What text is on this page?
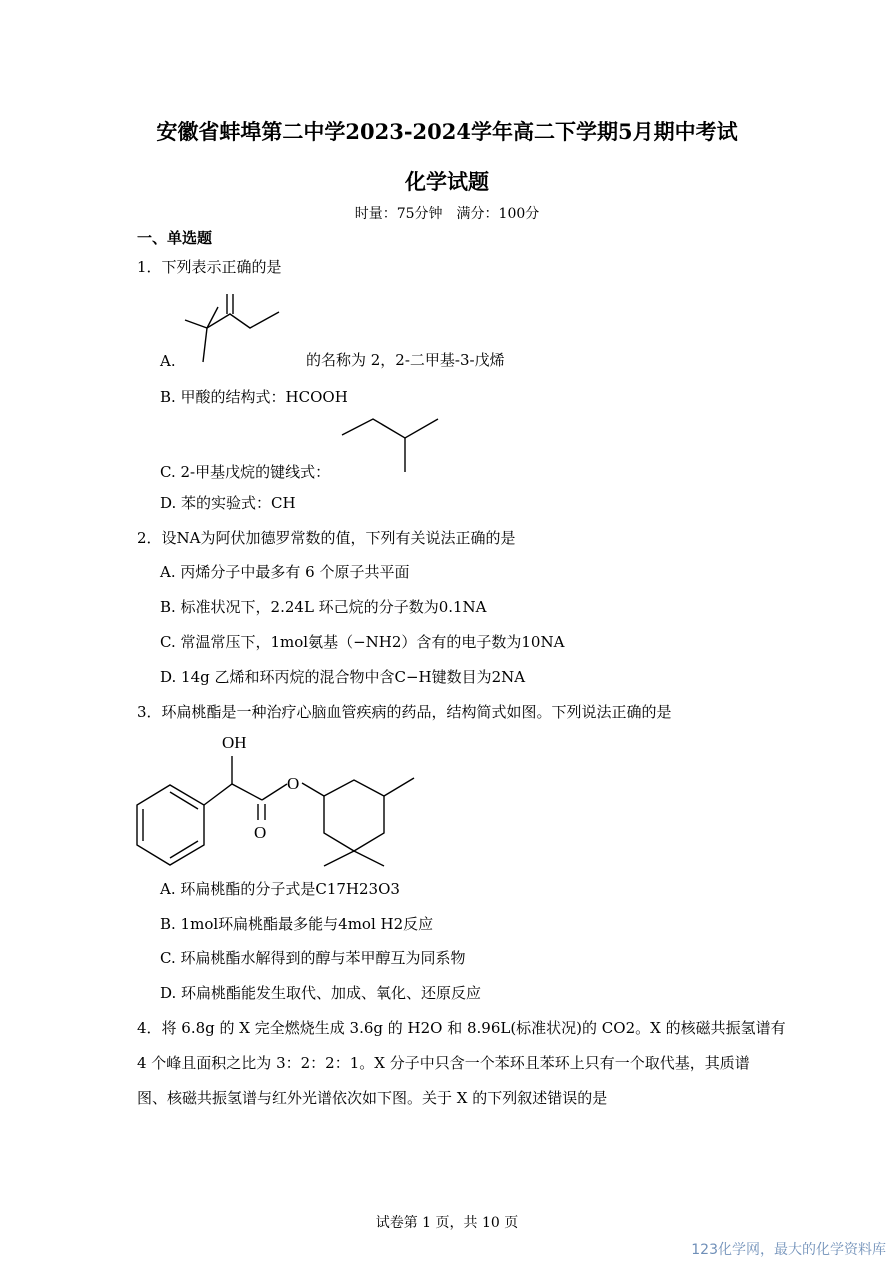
安徽省蚌埠第二中学2023-2024学年高二下学期5月期中考试
化学试题
时量：75分钟　满分：100分
一、单选题
1．下列表示正确的是
A.	的名称为 2，2-二甲基-3-戊烯
B. 甲酸的结构式：HCOOH
C. 2-甲基戊烷的键线式：
D. 苯的实验式：CH
2．设NA为阿伏加德罗常数的值，下列有关说法正确的是
A. 丙烯分子中最多有 6 个原子共平面
B. 标准状况下，2.24L 环己烷的分子数为0.1NA
C. 常温常压下，1mol氨基（−NH2）含有的电子数为10NA
D. 14g 乙烯和环丙烷的混合物中含C−H键数目为2NA
3．环扁桃酯是一种治疗心脑血管疾病的药品，结构简式如图。下列说法正确的是
OH
O
O
A. 环扁桃酯的分子式是C17H23O3
B. 1mol环扁桃酯最多能与4mol H2反应
C. 环扁桃酯水解得到的醇与苯甲醇互为同系物
D. 环扁桃酯能发生取代、加成、氧化、还原反应
4．将 6.8g 的 X 完全燃烧生成 3.6g 的 H2O 和 8.96L(标准状况)的 CO2。X 的核磁共振氢谱有
4 个峰且面积之比为 3：2：2：1。X 分子中只含一个苯环且苯环上只有一个取代基，其质谱
图、核磁共振氢谱与红外光谱依次如下图。关于 X 的下列叙述错误的是
试卷第 1 页，共 10 页
123化学网，最大的化学资料库
